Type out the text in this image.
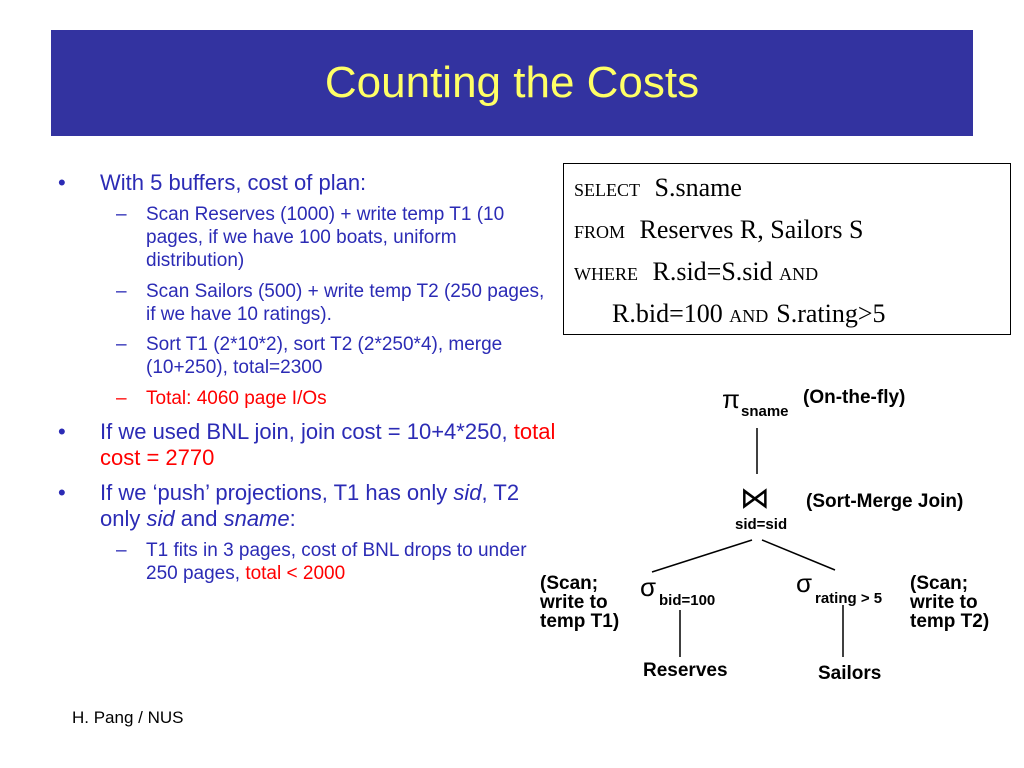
Counting the Costs
• With 5 buffers, cost of plan:
– Scan Reserves (1000) + write temp T1 (10 pages, if we have 100 boats, uniform distribution)
– Scan Sailors (500) + write temp T2 (250 pages, if we have 10 ratings).
– Sort T1 (2*10*2), sort T2 (2*250*4), merge (10+250), total=2300
– Total: 4060 page I/Os
• If we used BNL join, join cost = 10+4*250, total cost = 2770
• If we ‘push’ projections, T1 has only sid, T2 only sid and sname:
– T1 fits in 3 pages, cost of BNL drops to under 250 pages, total < 2000
SELECT S.sname
FROM Reserves R, Sailors S
WHERE R.sid=S.sid AND
R.bid=100 AND S.rating>5
π sname
(On-the-fly)
⋈ (Sort-Merge Join)
sid=sid
σ bid=100
(Scan;
write to
temp T1)
σ
rating > 5
(Scan;
write to
temp T2)
Reserves	Sailors
H. Pang / NUS
